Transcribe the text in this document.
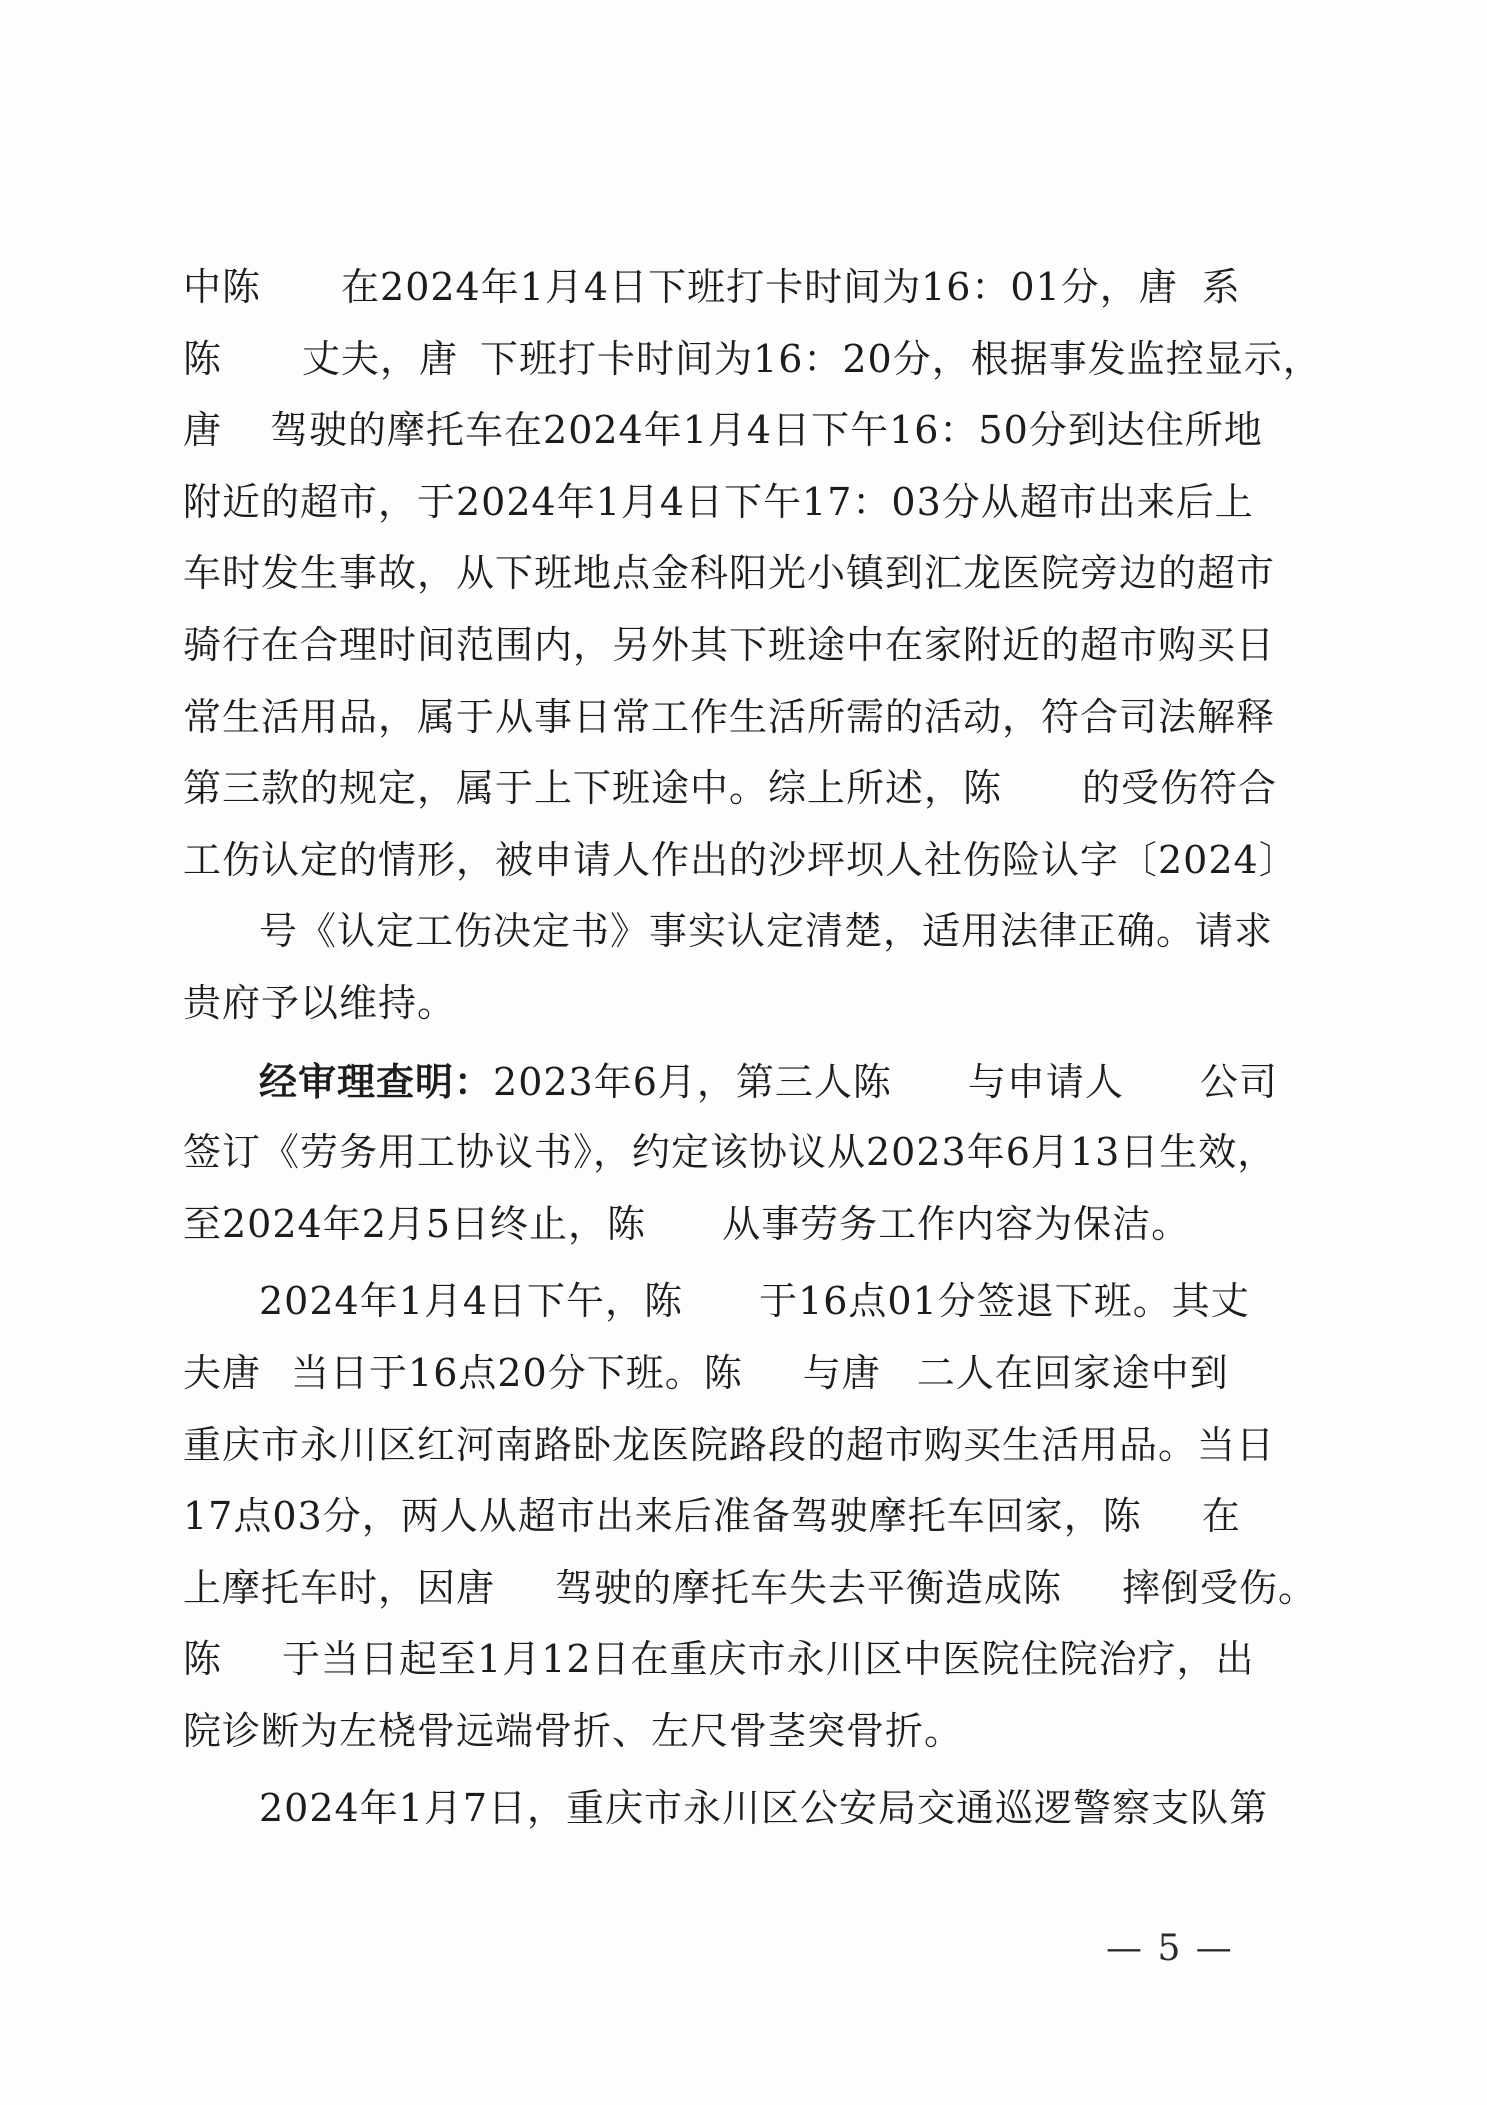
中陈 在2024年1月4日下班打卡时间为16：01分，唐 系
陈 丈夫，唐 下班打卡时间为16：20分，根据事发监控显示，
唐 驾驶的摩托车在2024年1月4日下午16：50分到达住所地
附近的超市，于2024年1月4日下午17：03分从超市出来后上
车时发生事故，从下班地点金科阳光小镇到汇龙医院旁边的超市
骑行在合理时间范围内，另外其下班途中在家附近的超市购买日
常生活用品，属于从事日常工作生活所需的活动，符合司法解释
第三款的规定，属于上下班途中。综上所述，陈 的受伤符合
工伤认定的情形，被申请人作出的沙坪坝人社伤险认字〔2024〕
号《认定工伤决定书》事实认定清楚，适用法律正确。请求
贵府予以维持。
经审理查明：2023年6月，第三人陈 与申请人 公司
签订《劳务用工协议书》，约定该协议从2023年6月13日生效，
至2024年2月5日终止，陈 从事劳务工作内容为保洁。
2024年1月4日下午，陈 于16点01分签退下班。其丈
夫唐 当日于16点20分下班。陈 与唐 二人在回家途中到
重庆市永川区红河南路卧龙医院路段的超市购买生活用品。当日
17点03分，两人从超市出来后准备驾驶摩托车回家，陈 在
上摩托车时，因唐 驾驶的摩托车失去平衡造成陈 摔倒受伤。
陈 于当日起至1月12日在重庆市永川区中医院住院治疗，出
院诊断为左桡骨远端骨折、左尺骨茎突骨折。
2024年1月7日，重庆市永川区公安局交通巡逻警察支队第
— 5 —
